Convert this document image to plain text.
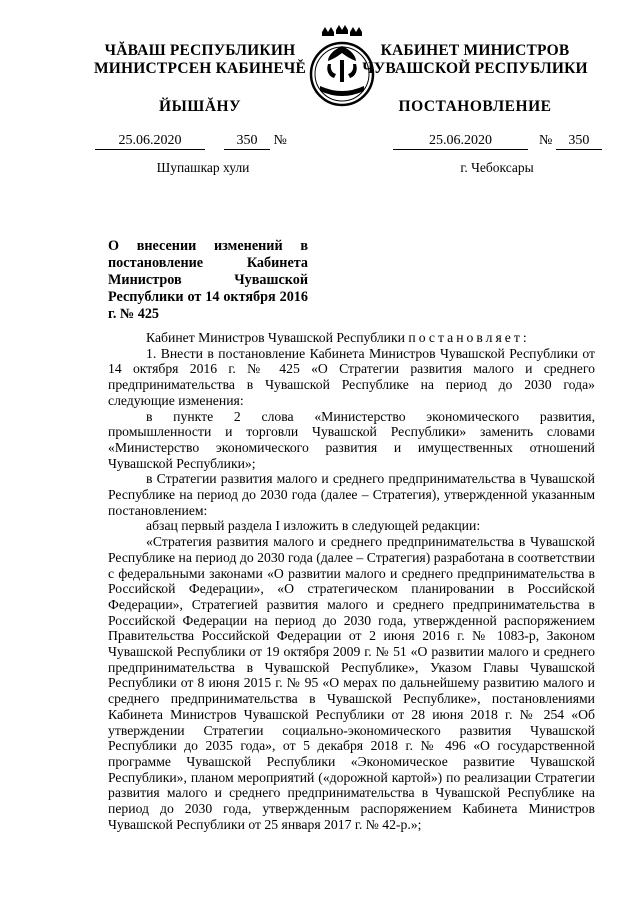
ЧĂВАШ РЕСПУБЛИКИН
МИНИСТРСЕН КАБИНЕЧĚ
ЙЫШĂНУ
КАБИНЕТ МИНИСТРОВ
ЧУВАШСКОЙ РЕСПУБЛИКИ
ПОСТАНОВЛЕНИЕ
25.06.2020	350 №	25.06.2020	№ 350
Шупашкар хули	г. Чебоксары
О внесении изменений в постановление Кабинета Министров Чувашской Республики от 14 октября 2016 г. № 425

Кабинет Министров Чувашской Республики постановляет:

1. Внести в постановление Кабинета Министров Чувашской Республики от 14 октября 2016 г. № 425 «О Стратегии развития малого и среднего предпринимательства в Чувашской Республике на период до 2030 года» следующие изменения:

в пункте 2 слова «Министерство экономического развития, промышленности и торговли Чувашской Республики» заменить словами «Министерство экономического развития и имущественных отношений Чувашской Республики»;

в Стратегии развития малого и среднего предпринимательства в Чувашской Республике на период до 2030 года (далее – Стратегия), утвержденной указанным постановлением:

абзац первый раздела I изложить в следующей редакции:

«Стратегия развития малого и среднего предпринимательства в Чувашской Республике на период до 2030 года (далее – Стратегия) разработана в соответствии с федеральными законами «О развитии малого и среднего предпринимательства в Российской Федерации», «О стратегическом планировании в Российской Федерации», Стратегией развития малого и среднего предпринимательства в Российской Федерации на период до 2030 года, утвержденной распоряжением Правительства Российской Федерации от 2 июня 2016 г. № 1083-р, Законом Чувашской Республики от 19 октября 2009 г. № 51 «О развитии малого и среднего предпринимательства в Чувашской Республике», Указом Главы Чувашской Республики от 8 июня 2015 г. № 95 «О мерах по дальнейшему развитию малого и среднего предпринимательства в Чувашской Республике», постановлениями Кабинета Министров Чувашской Республики от 28 июня 2018 г. № 254 «Об утверждении Стратегии социально-экономического развития Чувашской Республики до 2035 года», от 5 декабря 2018 г. № 496 «О государственной программе Чувашской Республики «Экономическое развитие Чувашской Республики», планом мероприятий («дорожной картой») по реализации Стратегии развития малого и среднего предпринимательства в Чувашской Республике на период до 2030 года, утвержденным распоряжением Кабинета Министров Чувашской Республики от 25 января 2017 г. № 42-р.»;
